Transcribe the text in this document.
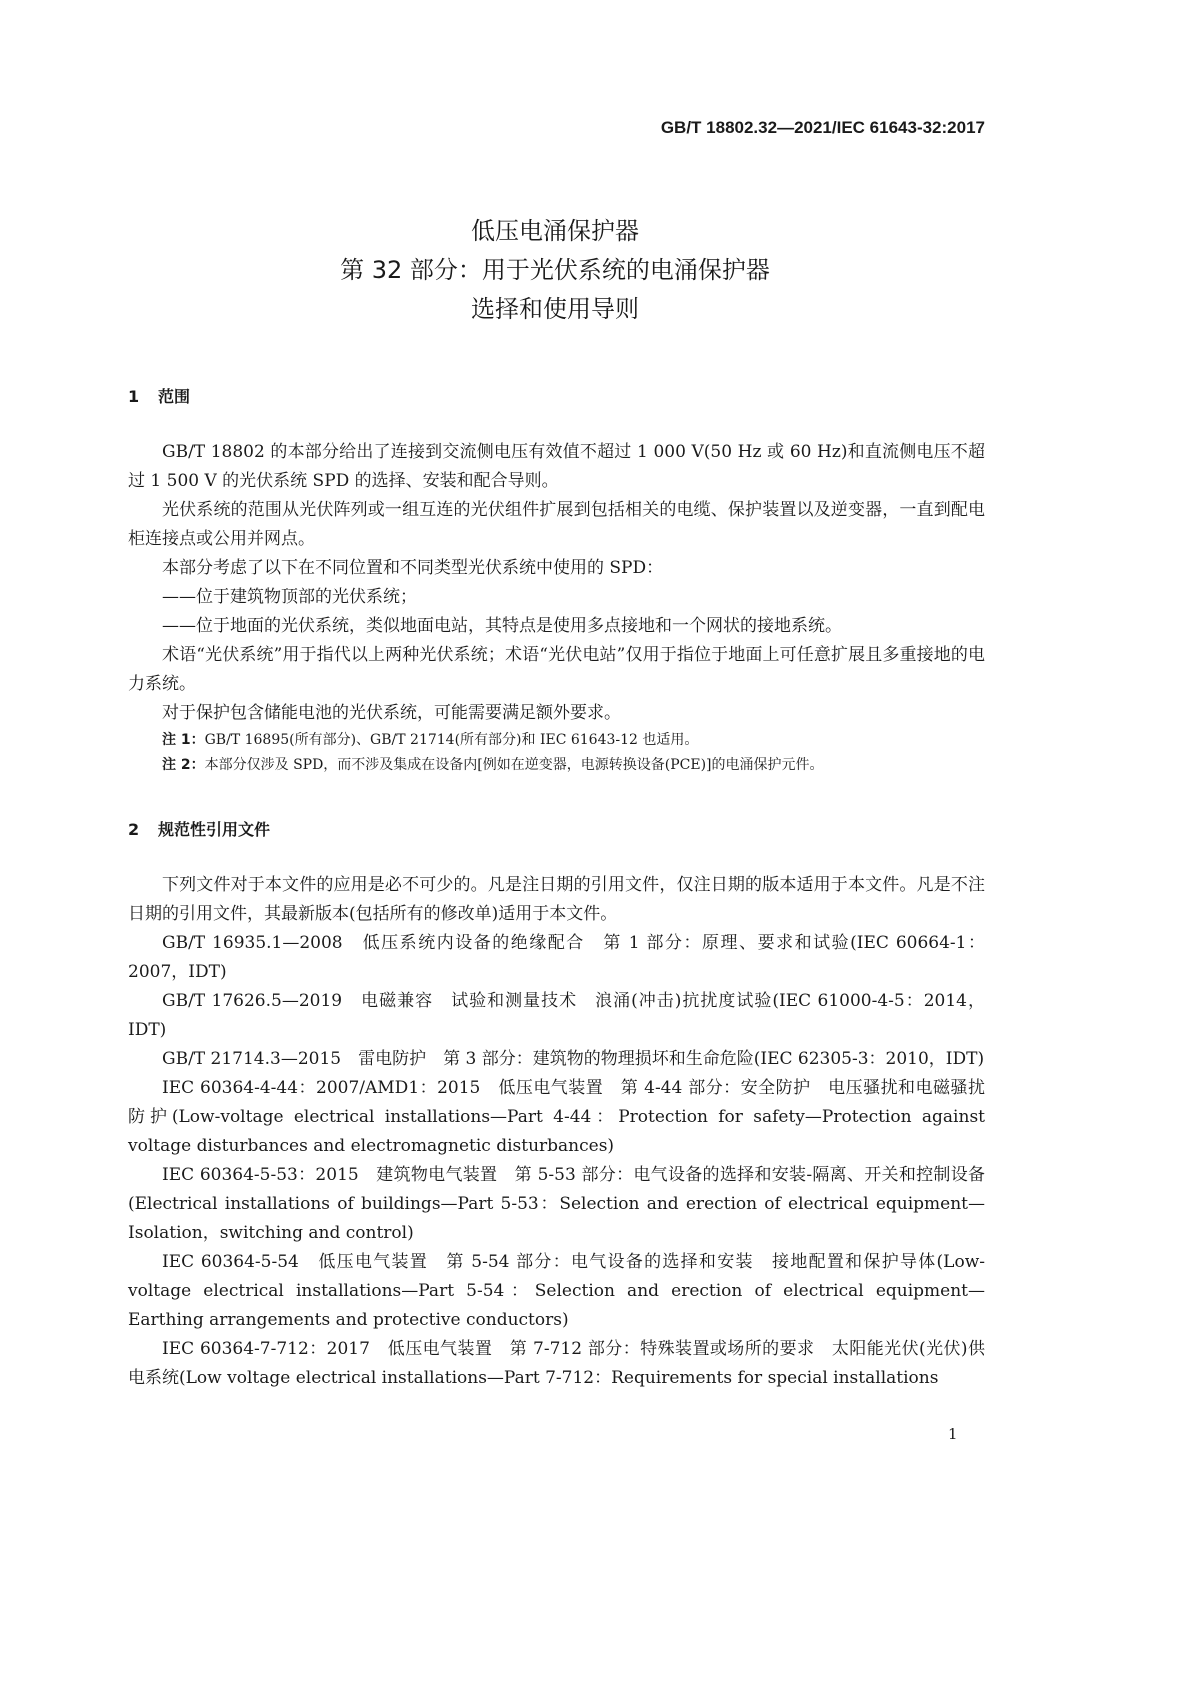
GB/T 18802.32—2021/IEC 61643-32:2017
低压电涌保护器
第 32 部分：用于光伏系统的电涌保护器
选择和使用导则
1 范围

GB/T 18802 的本部分给出了连接到交流侧电压有效值不超过 1 000 V(50 Hz 或 60 Hz)和直流侧电压不超过 1 500 V 的光伏系统 SPD 的选择、安装和配合导则。

光伏系统的范围从光伏阵列或一组互连的光伏组件扩展到包括相关的电缆、保护装置以及逆变器，一直到配电柜连接点或公用并网点。

本部分考虑了以下在不同位置和不同类型光伏系统中使用的 SPD：

——位于建筑物顶部的光伏系统；

——位于地面的光伏系统，类似地面电站，其特点是使用多点接地和一个网状的接地系统。

术语“光伏系统”用于指代以上两种光伏系统；术语“光伏电站”仅用于指位于地面上可任意扩展且多重接地的电力系统。

对于保护包含储能电池的光伏系统，可能需要满足额外要求。

注 1：GB/T 16895(所有部分)、GB/T 21714(所有部分)和 IEC 61643-12 也适用。

注 2：本部分仅涉及 SPD，而不涉及集成在设备内[例如在逆变器，电源转换设备(PCE)]的电涌保护元件。

2 规范性引用文件

下列文件对于本文件的应用是必不可少的。凡是注日期的引用文件，仅注日期的版本适用于本文件。凡是不注日期的引用文件，其最新版本(包括所有的修改单)适用于本文件。

GB/T 16935.1—2008　低压系统内设备的绝缘配合　第 1 部分：原理、要求和试验(IEC 60664-1：2007，IDT)

GB/T 17626.5—2019　电磁兼容　试验和测量技术　浪涌(冲击)抗扰度试验(IEC 61000-4-5：2014，IDT)

GB/T 21714.3—2015　雷电防护　第 3 部分：建筑物的物理损坏和生命危险(IEC 62305-3：2010，IDT)

IEC 60364-4-44：2007/AMD1：2015　低压电气装置　第 4-44 部分：安全防护　电压骚扰和电磁骚扰防护(Low-voltage electrical installations—Part 4-44：Protection for safety—Protection against voltage disturbances and electromagnetic disturbances)

IEC 60364-5-53：2015　建筑物电气装置　第 5-53 部分：电气设备的选择和安装-隔离、开关和控制设备(Electrical installations of buildings—Part 5-53：Selection and erection of electrical equipment—Isolation，switching and control)

IEC 60364-5-54　低压电气装置　第 5-54 部分：电气设备的选择和安装　接地配置和保护导体(Low-voltage electrical installations—Part 5-54：Selection and erection of electrical equipment—Earthing arrangements and protective conductors)

IEC 60364-7-712：2017　低压电气装置　第 7-712 部分：特殊装置或场所的要求　太阳能光伏(光伏)供电系统(Low voltage electrical installations—Part 7-712：Requirements for special installations

1
